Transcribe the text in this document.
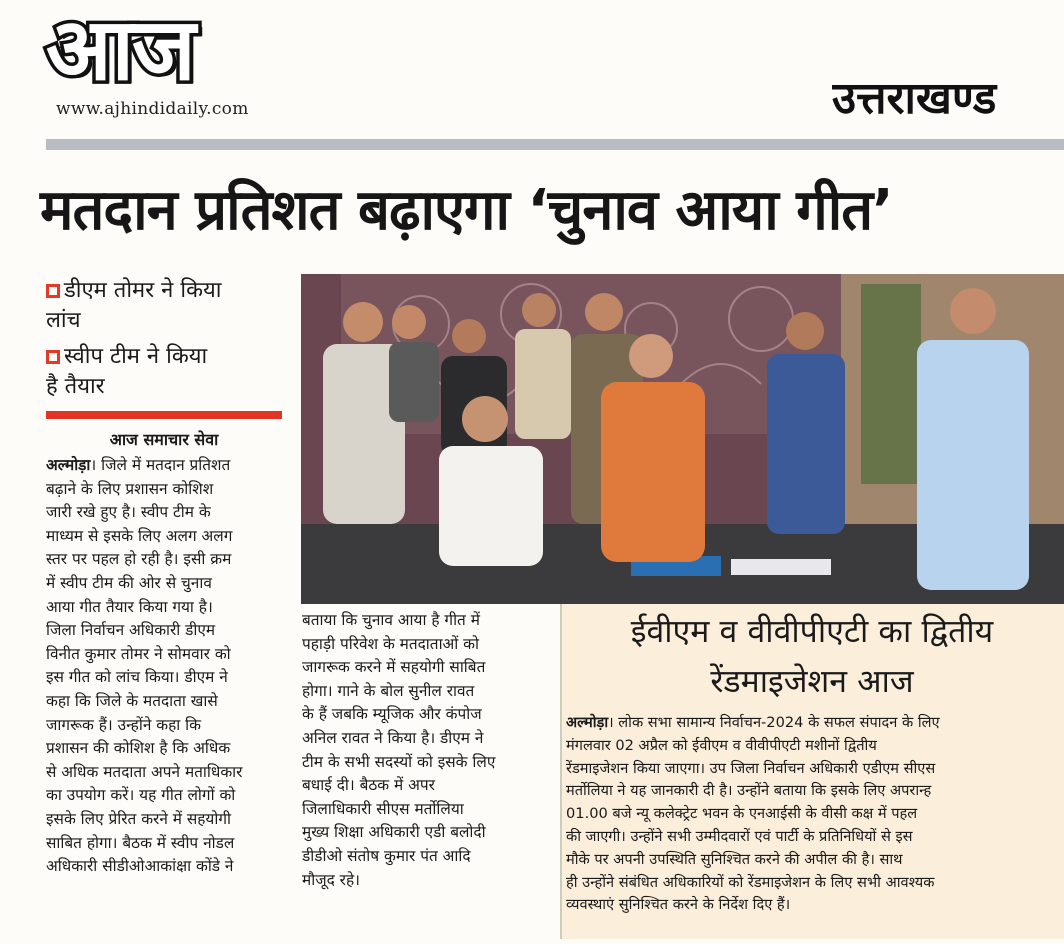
आज
www.ajhindidaily.com	उत्तराखण्ड
मतदान प्रतिशत बढ़ाएगा ‘चुनाव आया गीत’
डीएम तोमर ने किया
लांच
स्वीप टीम ने किया
है तैयार
आज समाचार सेवा
अल्मोड़ा। जिले में मतदान प्रतिशत
बढ़ाने के लिए प्रशासन कोशिश
जारी रखे हुए है। स्वीप टीम के
माध्यम से इसके लिए अलग अलग
स्तर पर पहल हो रही है। इसी क्रम
में स्वीप टीम की ओर से चुनाव
आया गीत तैयार किया गया है।
जिला निर्वाचन अधिकारी डीएम
विनीत कुमार तोमर ने सोमवार को
इस गीत को लांच किया। डीएम ने
कहा कि जिले के मतदाता खासे
जागरूक हैं। उन्होंने कहा कि
प्रशासन की कोशिश है कि अधिक
से अधिक मतदाता अपने मताधिकार
का उपयोग करें। यह गीत लोगों को
इसके लिए प्रेरित करने में सहयोगी
साबित होगा। बैठक में स्वीप नोडल
अधिकारी सीडीओआकांक्षा कोंडे ने
बताया कि चुनाव आया है गीत में
पहाड़ी परिवेश के मतदाताओं को
जागरूक करने में सहयोगी साबित
होगा। गाने के बोल सुनील रावत
के हैं जबकि म्यूजिक और कंपोज
अनिल रावत ने किया है। डीएम ने
टीम के सभी सदस्यों को इसके लिए
बधाई दी। बैठक में अपर
जिलाधिकारी सीएस मर्तोलिया
मुख्य शिक्षा अधिकारी एडी बलोदी
डीडीओ संतोष कुमार पंत आदि
मौजूद रहे।
ईवीएम व वीवीपीएटी का द्वितीय
रेंडमाइजेशन आज
अल्मोड़ा। लोक सभा सामान्य निर्वाचन-2024 के सफल संपादन के लिए
मंगलवार 02 अप्रैल को ईवीएम व वीवीपीएटी मशीनों द्वितीय
रेंडमाइजेशन किया जाएगा। उप जिला निर्वाचन अधिकारी एडीएम सीएस
मर्तोलिया ने यह जानकारी दी है। उन्होंने बताया कि इसके लिए अपरान्ह
01.00 बजे न्यू कलेक्ट्रेट भवन के एनआईसी के वीसी कक्ष में पहल
की जाएगी। उन्होंने सभी उम्मीदवारों एवं पार्टी के प्रतिनिधियों से इस
मौके पर अपनी उपस्थिति सुनिश्चित करने की अपील की है। साथ
ही उन्होंने संबंधित अधिकारियों को रेंडमाइजेशन के लिए सभी आवश्यक
व्यवस्थाएं सुनिश्चित करने के निर्देश दिए हैं।
